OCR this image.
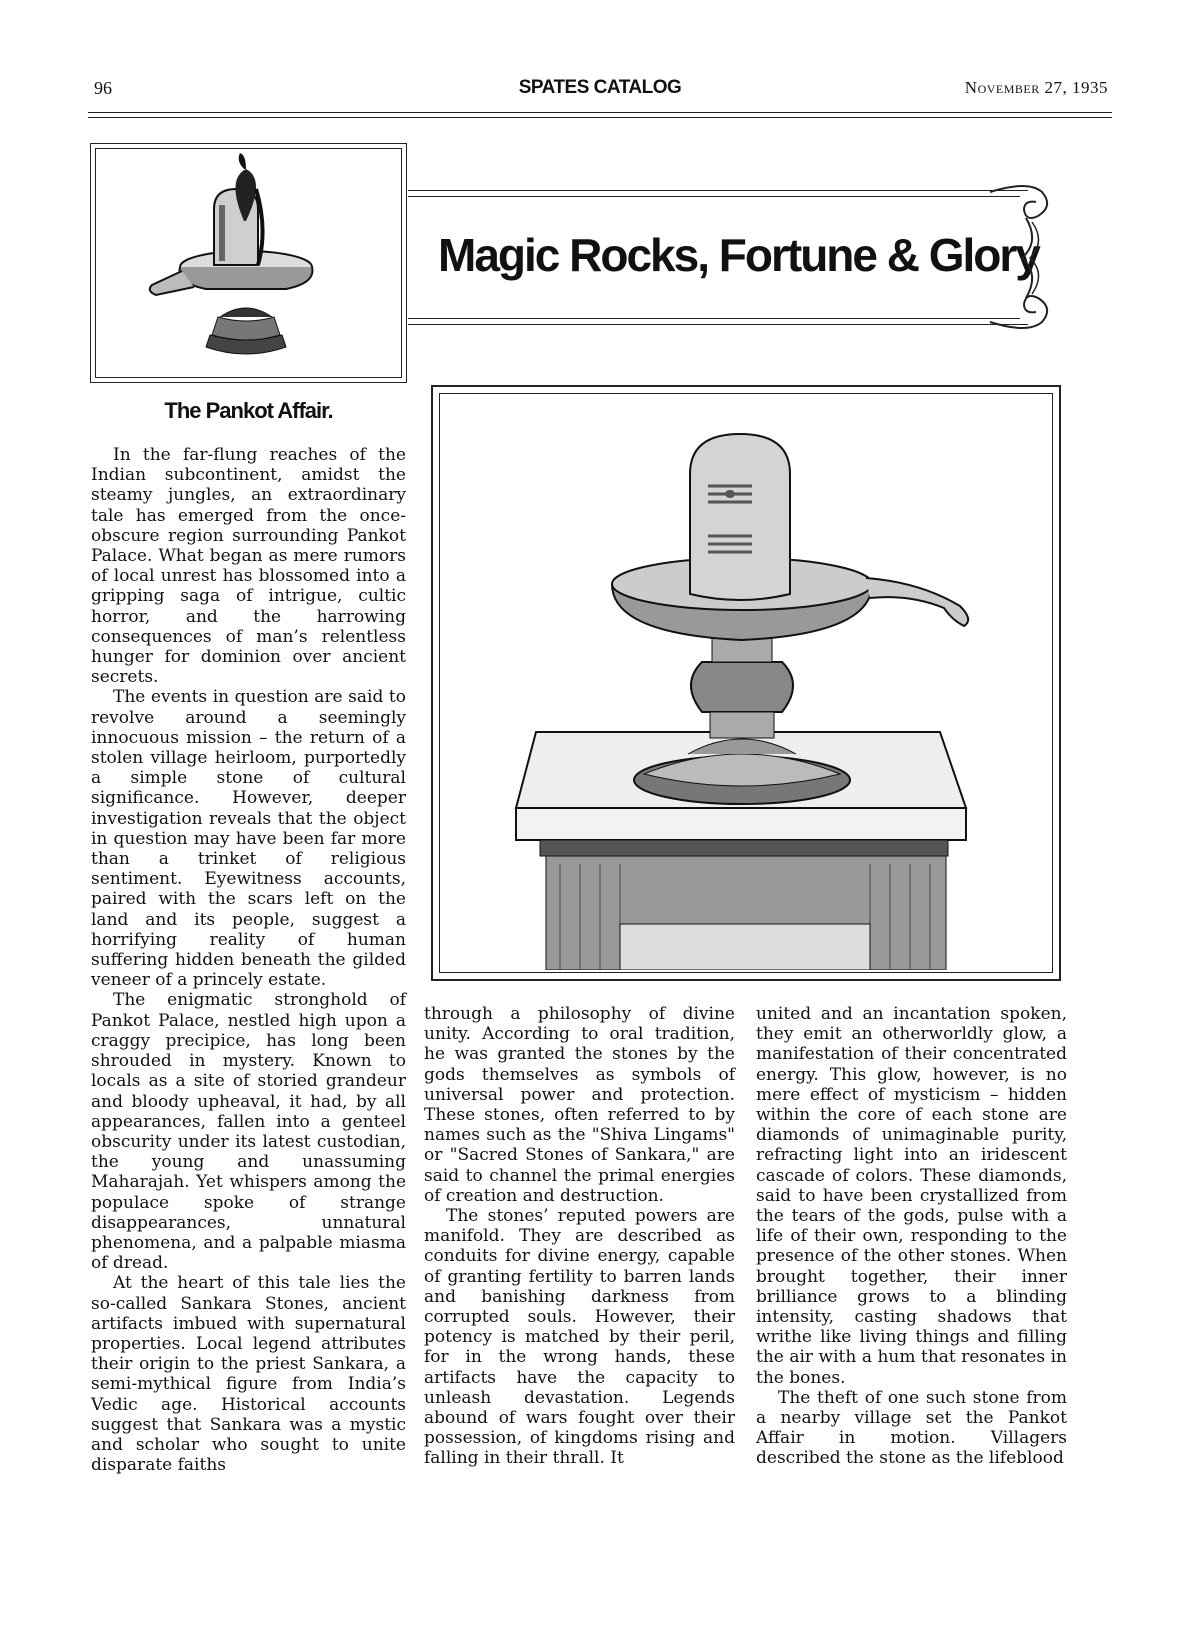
96	SPATES CATALOG	November 27, 1935
Magic Rocks, Fortune & Glory
The Pankot Affair.

In the far-flung reaches of the Indian subcontinent, amidst the steamy jungles, an extraordinary tale has emerged from the once-obscure region surrounding Pankot Palace. What began as mere rumors of local unrest has blossomed into a gripping saga of intrigue, cultic horror, and the harrowing consequences of man’s relentless hunger for dominion over ancient secrets.

The events in question are said to revolve around a seemingly innocuous mission – the return of a stolen village heirloom, purportedly a simple stone of cultural significance. However, deeper investigation reveals that the object in question may have been far more than a trinket of religious sentiment. Eyewitness accounts, paired with the scars left on the land and its people, suggest a horrifying reality of human suffering hidden beneath the gilded veneer of a princely estate.

The enigmatic stronghold of Pankot Palace, nestled high upon a craggy precipice, has long been shrouded in mystery. Known to locals as a site of storied grandeur and bloody upheaval, it had, by all appearances, fallen into a genteel obscurity under its latest custodian, the young and unassuming Maharajah. Yet whispers among the populace spoke of strange disappearances, unnatural phenomena, and a palpable miasma of dread.

At the heart of this tale lies the so-called Sankara Stones, ancient artifacts imbued with supernatural properties. Local legend attributes their origin to the priest Sankara, a semi-mythical figure from India’s Vedic age. Historical accounts suggest that Sankara was a mystic and scholar who sought to unite disparate faiths

through a philosophy of divine unity. According to oral tradition, he was granted the stones by the gods themselves as symbols of universal power and protection. These stones, often referred to by names such as the "Shiva Lingams" or "Sacred Stones of Sankara," are said to channel the primal energies of creation and destruction.

The stones’ reputed powers are manifold. They are described as conduits for divine energy, capable of granting fertility to barren lands and banishing darkness from corrupted souls. However, their potency is matched by their peril, for in the wrong hands, these artifacts have the capacity to unleash devastation. Legends abound of wars fought over their possession, of kingdoms rising and falling in their thrall. It

united and an incantation spoken, they emit an otherworldly glow, a manifestation of their concentrated energy. This glow, however, is no mere effect of mysticism – hidden within the core of each stone are diamonds of unimaginable purity, refracting light into an iridescent cascade of colors. These diamonds, said to have been crystallized from the tears of the gods, pulse with a life of their own, responding to the presence of the other stones. When brought together, their inner brilliance grows to a blinding intensity, casting shadows that writhe like living things and filling the air with a hum that resonates in the bones.

The theft of one such stone from a nearby village set the Pankot Affair in motion. Villagers described the stone as the lifeblood
